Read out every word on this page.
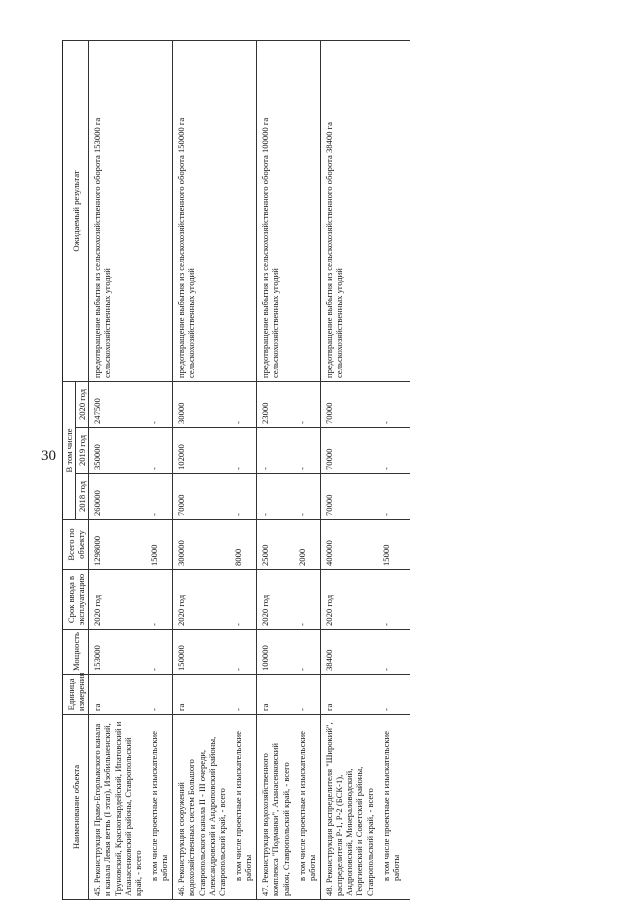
30
Наименование объекта	Единица измерения	Мощность	Срок ввода в эксплуатацию	Всего по объекту	В том числе			Ожидаемый результат
					2018 год	2019 год	2020 год	
45. Реконструкция Право-Егорлыкского канала и канала Левая ветвь (I этап), Изобильненский, Труновский, Красногвардейский, Ипатовский и Апанасенковский районы, Ставропольский край, - всего	га	153000	2020 год	1298000	260000	350000	247500	предотвращение выбытия из сельскохозяйственного оборота 153000 га сельскохозяйственных угодий
в том числе проектные и изыскательские работы	-	-	-	15000	-	-	-	
46. Реконструкция сооружений водохозяйственных систем Большого Ставропольского канала II - III очереди, Александровский и Андроповский районы, Ставропольский край, - всего	га	150000	2020 год	300000	70000	102000	30000	предотвращение выбытия из сельскохозяйственного оборота 150000 га сельскохозяйственных угодий
в том числе проектные и изыскательские работы	-	-	-	8000	-	-	-	
47. Реконструкция водохозяйственного комплекса "Подманки", Апанасенковский район, Ставропольский край, - всего	га	100000	2020 год	25000	-	-	23000	предотвращение выбытия из сельскохозяйственного оборота 100000 га сельскохозяйственных угодий
в том числе проектные и изыскательские работы	-	-	-	2000	-	-	-	
48. Реконструкция распределителя "Широкий", распределителя Р-1, Р-2 (БСК-1), Андроповский, Минераловодский, Георгиевский и Советский районы, Ставропольский край, - всего	га	38400	2020 год	400000	70000	70000	70000	предотвращение выбытия из сельскохозяйственного оборота 38400 га сельскохозяйственных угодий
в том числе проектные и изыскательские работы	-	-	-	15000	-	-	-	
